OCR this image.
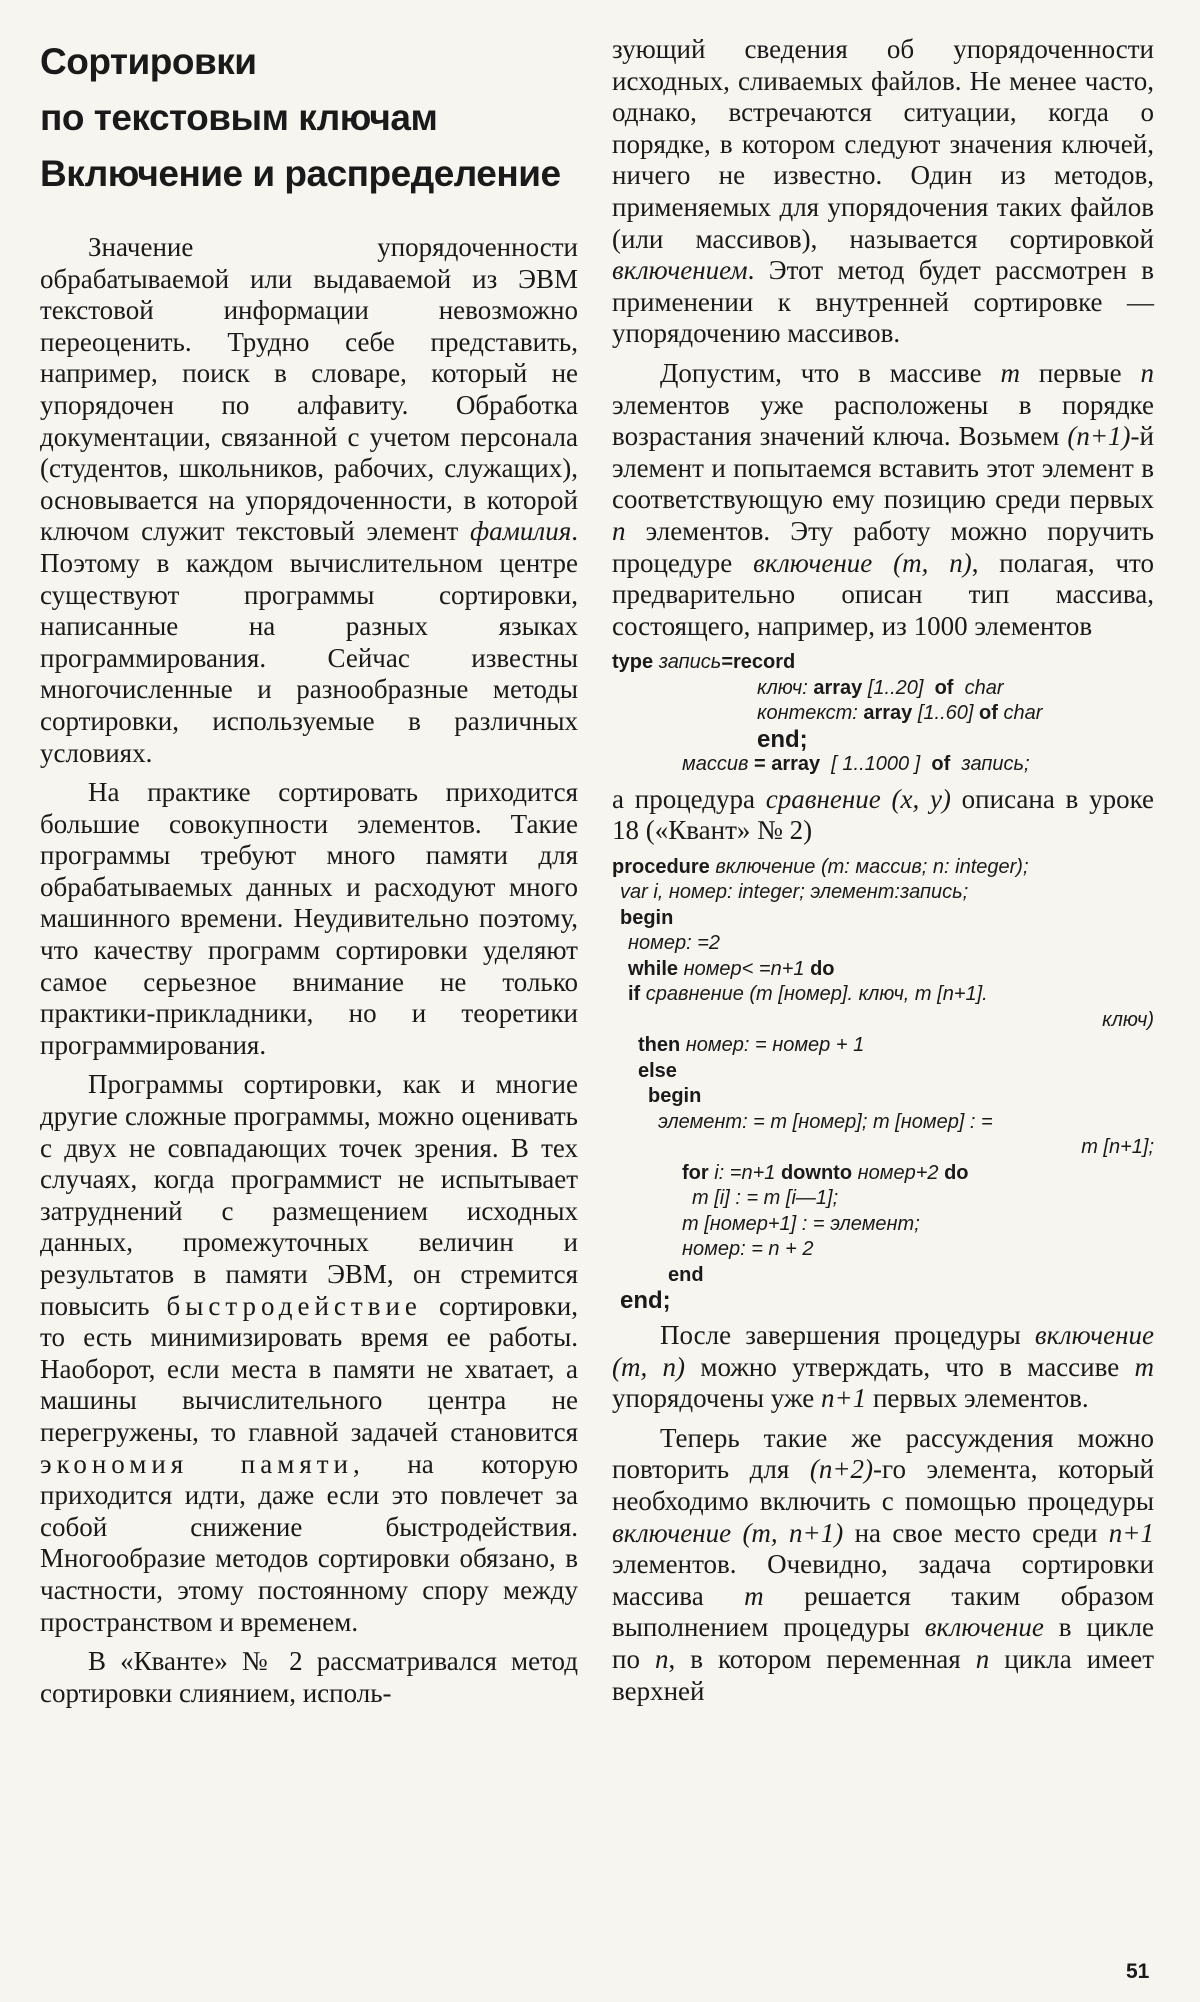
Сортировки
по текстовым ключам
Включение и распределение

Значение упорядоченности обрабатываемой или выдаваемой из ЭВМ текстовой информации невозможно переоценить. Трудно себе представить, например, поиск в словаре, который не упорядочен по алфавиту. Обработка документации, связанной с учетом персонала (студентов, школьников, рабочих, служащих), основывается на упорядоченности, в которой ключом служит текстовый элемент фамилия. Поэтому в каждом вычислительном центре существуют программы сортировки, написанные на разных языках программирования. Сейчас известны многочисленные и разнообразные методы сортировки, используемые в различных условиях.

На практике сортировать приходится большие совокупности элементов. Такие программы требуют много памяти для обрабатываемых данных и расходуют много машинного времени. Неудивительно поэтому, что качеству программ сортировки уделяют самое серьезное внимание не только практики-прикладники, но и теоретики программирования.

Программы сортировки, как и многие другие сложные программы, можно оценивать с двух не совпадающих точек зрения. В тех случаях, когда программист не испытывает затруднений с размещением исходных данных, промежуточных величин и результатов в памяти ЭВМ, он стремится повысить быстродействие сортировки, то есть минимизировать время ее работы. Наоборот, если места в памяти не хватает, а машины вычислительного центра не перегружены, то главной задачей становится экономия памяти, на которую приходится идти, даже если это повлечет за собой снижение быстродействия. Многообразие методов сортировки обязано, в частности, этому постоянному спору между пространством и временем.

В «Кванте» № 2 рассматривался метод сортировки слиянием, исполь-

зующий сведения об упорядоченности исходных, сливаемых файлов. Не менее часто, однако, встречаются ситуации, когда о порядке, в котором следуют значения ключей, ничего не известно. Один из методов, применяемых для упорядочения таких файлов (или массивов), называется сортировкой включением. Этот метод будет рассмотрен в применении к внутренней сортировке — упорядочению массивов.

Допустим, что в массиве m первые n элементов уже расположены в порядке возрастания значений ключа. Возьмем (n+1)-й элемент и попытаемся вставить этот элемент в соответствующую ему позицию среди первых n элементов. Эту работу можно поручить процедуре включение (m, n), полагая, что предварительно описан тип массива, состоящего, например, из 1000 элементов

type запись=record
ключ: array [1..20] of char
контекст: array [1..60] of char
end;
массив = array [ 1..1000 ] of запись;

а процедура сравнение (x, y) описана в уроке 18 («Квант» № 2)

procedure включение (m: массив; n: integer);
var i, номер: integer; элемент:запись;
begin
номер: =2
while номер< =n+1 do
if сравнение (m [номер]. ключ, m [n+1].
ключ)
then номер: = номер + 1
else
begin
элемент: = m [номер]; m [номер] : =
m [n+1];
for i: =n+1 downto номер+2 do
m [i] : = m [i—1];
m [номер+1] : = элемент;
номер: = n + 2
end
end;

После завершения процедуры включение (m, n) можно утверждать, что в массиве m упорядочены уже n+1 первых элементов.

Теперь такие же рассуждения можно повторить для (n+2)-го элемента, который необходимо включить с помощью процедуры включение (m, n+1) на свое место среди n+1 элементов. Очевидно, задача сортировки массива m решается таким образом выполнением процедуры включение в цикле по n, в котором переменная n цикла имеет верхней

51
